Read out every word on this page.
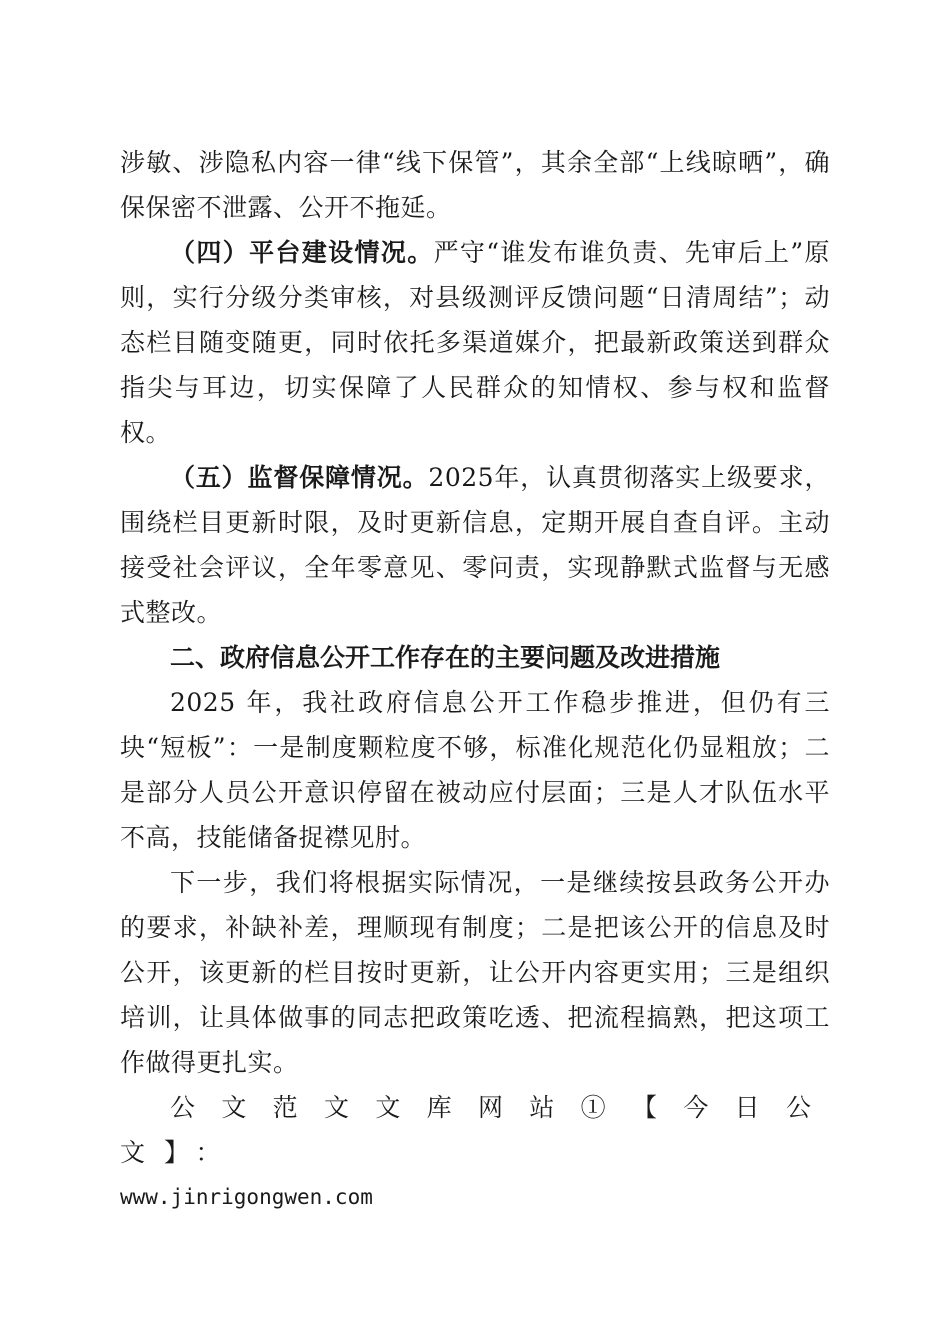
涉敏、涉隐私内容一律“线下保管”，其余全部“上线晾晒”，确保保密不泄露、公开不拖延。

（四）平台建设情况。严守“谁发布谁负责、先审后上”原则，实行分级分类审核，对县级测评反馈问题“日清周结”；动态栏目随变随更，同时依托多渠道媒介，把最新政策送到群众指尖与耳边，切实保障了人民群众的知情权、参与权和监督权。

（五）监督保障情况。2025年，认真贯彻落实上级要求，围绕栏目更新时限，及时更新信息，定期开展自查自评。主动接受社会评议，全年零意见、零问责，实现静默式监督与无感式整改。

二、政府信息公开工作存在的主要问题及改进措施

2025 年，我社政府信息公开工作稳步推进，但仍有三块“短板”：一是制度颗粒度不够，标准化规范化仍显粗放；二是部分人员公开意识停留在被动应付层面；三是人才队伍水平不高，技能储备捉襟见肘。

下一步，我们将根据实际情况，一是继续按县政务公开办的要求，补缺补差，理顺现有制度；二是把该公开的信息及时公开，该更新的栏目按时更新，让公开内容更实用；三是组织培训，让具体做事的同志把政策吃透、把流程搞熟，把这项工作做得更扎实。

公文范文文库网站①【今日公文】：

www.jinrigongwen.com
